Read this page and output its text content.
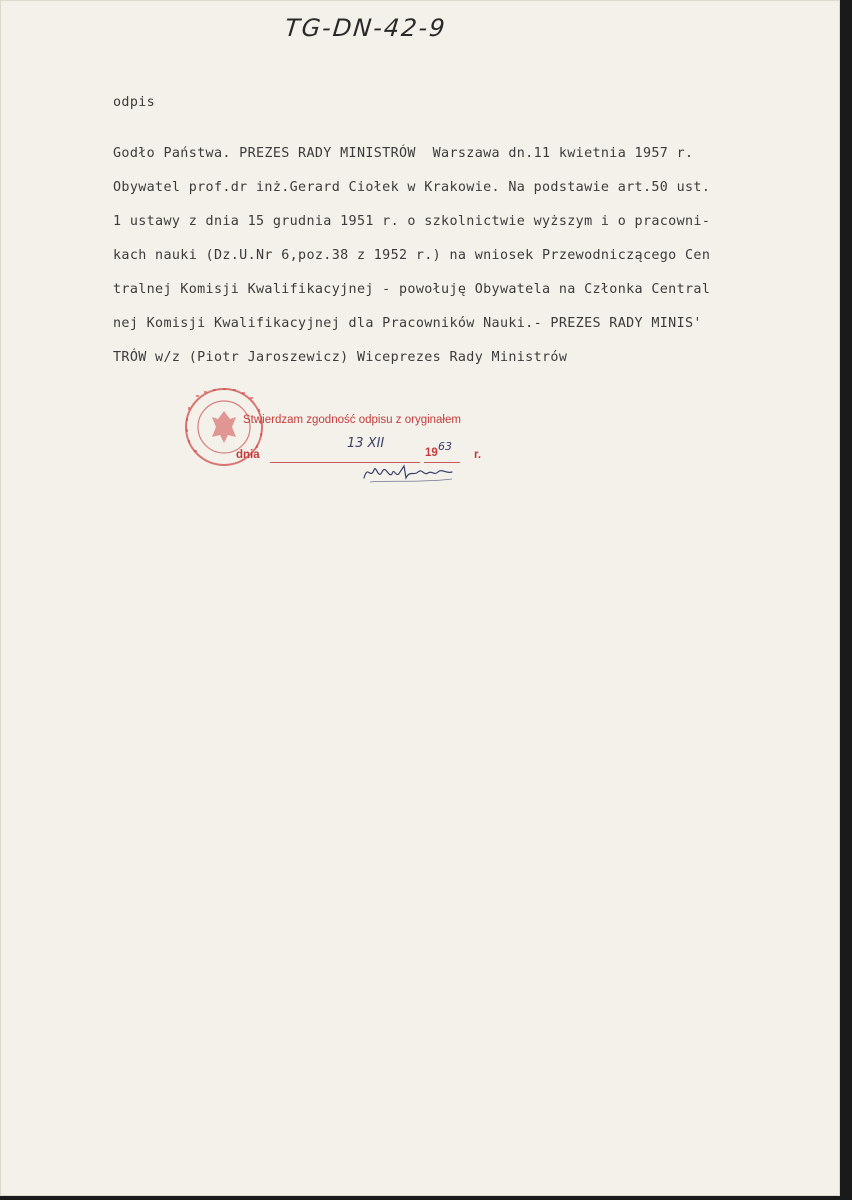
TG-DN-42-9
odpis
Godło Państwa. PREZES RADY MINISTRÓW  Warszawa dn.11 kwietnia 1957 r.
Obywatel prof.dr inż.Gerard Ciołek w Krakowie. Na podstawie art.50 ust.
1 ustawy z dnia 15 grudnia 1951 r. o szkolnictwie wyższym i o pracowni-
kach nauki (Dz.U.Nr 6,poz.38 z 1952 r.) na wniosek Przewodniczącego Cen
tralnej Komisji Kwalifikacyjnej - powołuję Obywatela na Członka Central
nej Komisji Kwalifikacyjnej dla Pracowników Nauki.- PREZES RADY MINIS'
TRÓW w/z (Piotr Jaroszewicz) Wiceprezes Rady Ministrów
Stwierdzam zgodność odpisu z oryginałem
dnia	19	r.
13 XII	63
